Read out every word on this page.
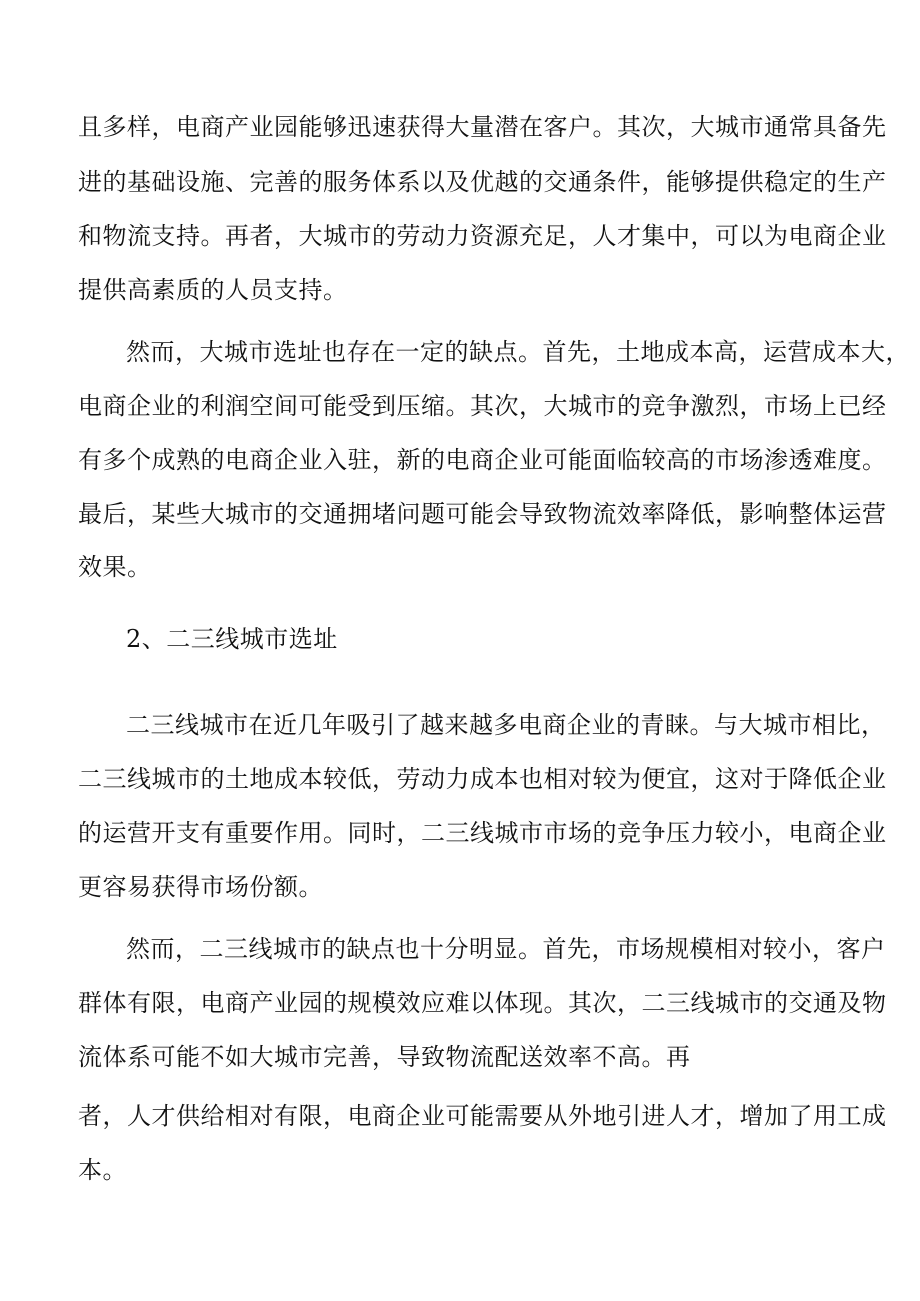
且多样，电商产业园能够迅速获得大量潜在客户。其次，大城市通常具备先
进的基础设施、完善的服务体系以及优越的交通条件，能够提供稳定的生产
和物流支持。再者，大城市的劳动力资源充足，人才集中，可以为电商企业
提供高素质的人员支持。
然而，大城市选址也存在一定的缺点。首先，土地成本高，运营成本大，
电商企业的利润空间可能受到压缩。其次，大城市的竞争激烈，市场上已经
有多个成熟的电商企业入驻，新的电商企业可能面临较高的市场渗透难度。
最后，某些大城市的交通拥堵问题可能会导致物流效率降低，影响整体运营
效果。
2、二三线城市选址
二三线城市在近几年吸引了越来越多电商企业的青睐。与大城市相比，
二三线城市的土地成本较低，劳动力成本也相对较为便宜，这对于降低企业
的运营开支有重要作用。同时，二三线城市市场的竞争压力较小，电商企业
更容易获得市场份额。
然而，二三线城市的缺点也十分明显。首先，市场规模相对较小，客户
群体有限，电商产业园的规模效应难以体现。其次，二三线城市的交通及物
流体系可能不如大城市完善，导致物流配送效率不高。再
者，人才供给相对有限，电商企业可能需要从外地引进人才，增加了用工成
本。
